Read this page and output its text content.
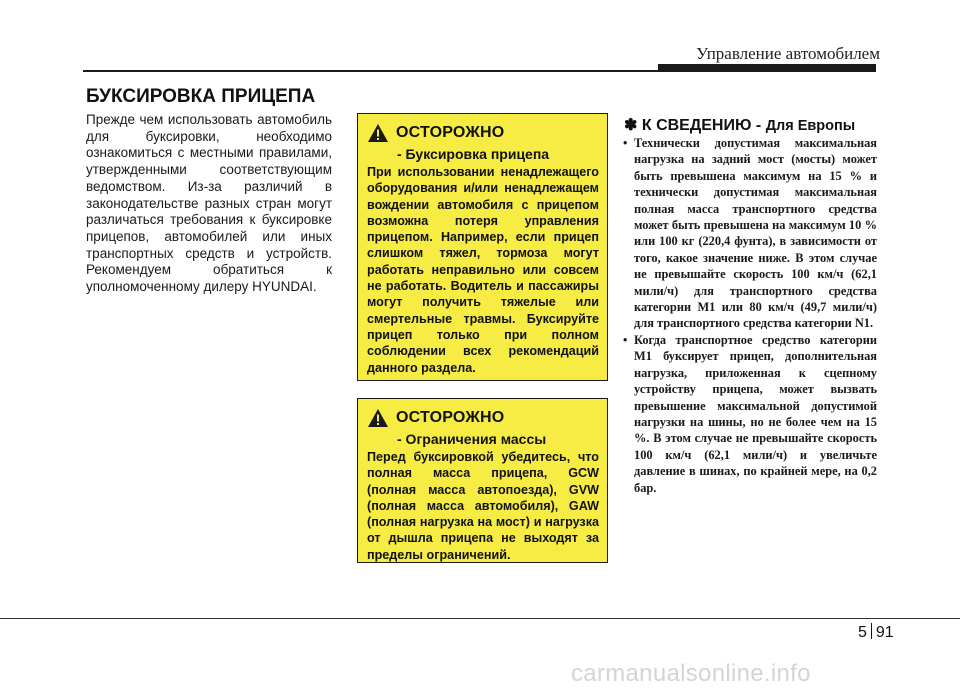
Управление автомобилем
БУКСИРОВКА ПРИЦЕПА
Прежде чем использовать автомобиль для буксировки, необходимо ознакомиться с местными правилами, утвержденными соответствующим ведомством. Из-за различий в законодательстве разных стран могут различаться требования к буксировке прицепов, автомобилей или иных транспортных средств и устройств. Рекомендуем обратиться к уполномоченному дилеру HYUNDAI.
ОСТОРОЖНО
- Буксировка прицепа
При использовании ненадлежащего оборудования и/или ненадлежащем вождении автомобиля с прицепом возможна потеря управления прицепом. Например, если прицеп слишком тяжел, тормоза могут работать неправильно или совсем не работать. Водитель и пассажиры могут получить тяжелые или смертельные травмы. Буксируйте прицеп только при полном соблюдении всех рекомендаций данного раздела.
ОСТОРОЖНО
- Ограничения массы
Перед буксировкой убедитесь, что полная масса прицепа, GCW (полная масса автопоезда), GVW (полная масса автомобиля), GAW (полная нагрузка на мост) и нагрузка от дышла прицепа не выходят за пределы ограничений.
✽ К СВЕДЕНИЮ - Для Европы
• Технически допустимая максимальная нагрузка на задний мост (мосты) может быть превышена максимум на 15 % и технически допустимая максимальная полная масса транспортного средства может быть превышена на максимум 10 % или 100 кг (220,4 фунта), в зависимости от того, какое значение ниже. В этом случае не превышайте скорость 100 км/ч (62,1 мили/ч) для транспортного средства категории M1 или 80 км/ч (49,7 мили/ч) для транспортного средства категории N1.
• Когда транспортное средство категории M1 буксирует прицеп, дополнительная нагрузка, приложенная к сцепному устройству прицепа, может вызвать превышение максимальной допустимой нагрузки на шины, но не более чем на 15 %. В этом случае не превышайте скорость 100 км/ч (62,1 мили/ч) и увеличьте давление в шинах, по крайней мере, на 0,2 бар.
5 91
carmanualsonline.info
